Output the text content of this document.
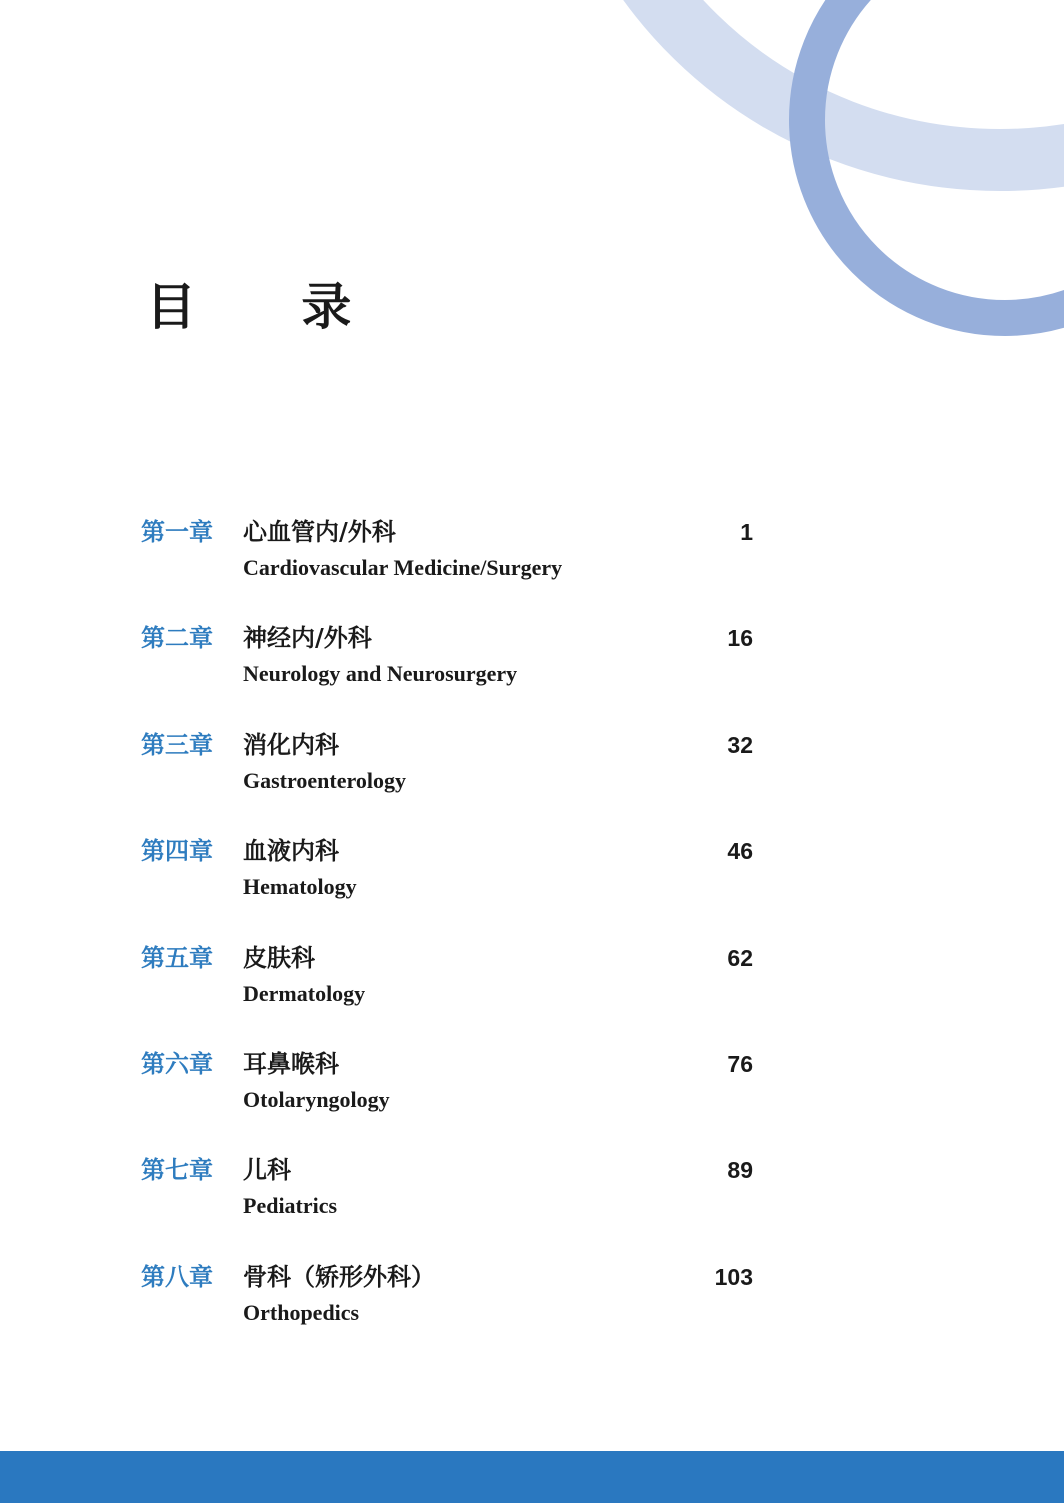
目 录
第一章 心血管内/外科
Cardiovascular Medicine/Surgery
1
第二章 神经内/外科
Neurology and Neurosurgery
16
第三章 消化内科
Gastroenterology
32
第四章 血液内科
Hematology
46
第五章 皮肤科
Dermatology
62
第六章 耳鼻喉科
Otolaryngology
76
第七章 儿科
Pediatrics
89
第八章 骨科（矫形外科）
Orthopedics
103
